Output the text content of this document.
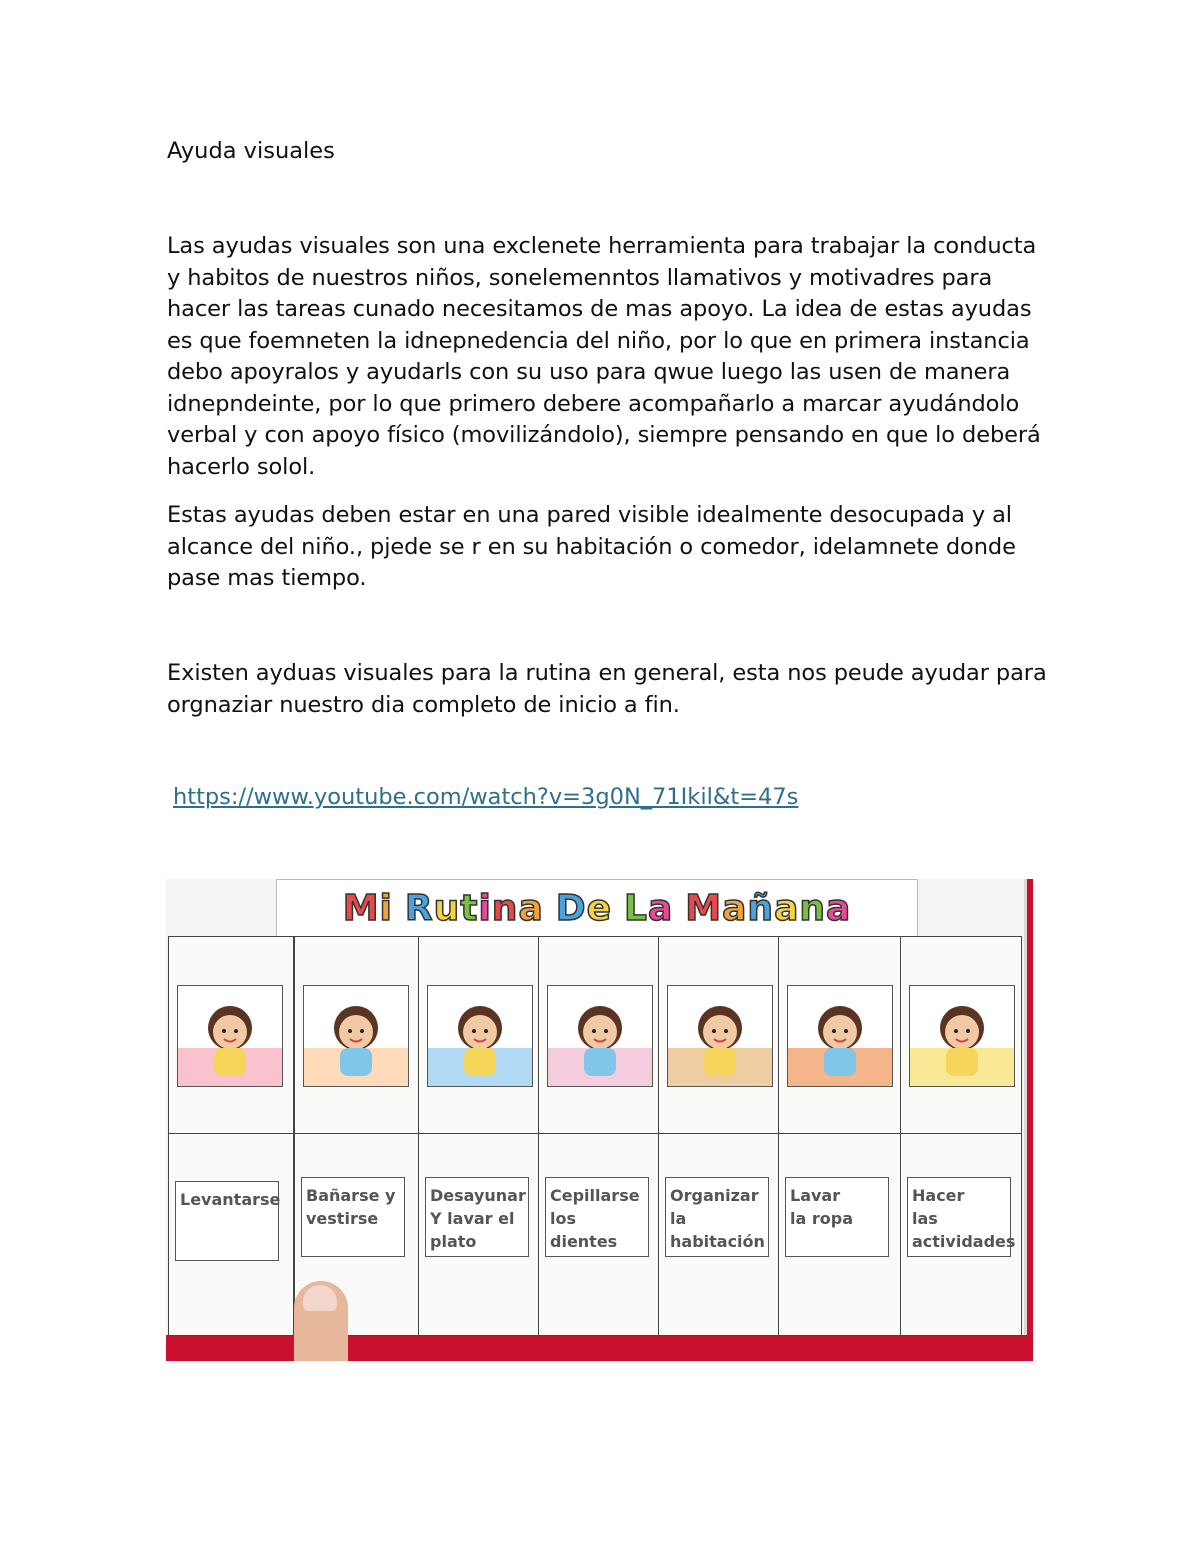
Ayuda visuales
Las ayudas visuales son una exclenete herramienta para trabajar la conducta y habitos de nuestros niños, sonelemenntos llamativos y motivadres para hacer las tareas cunado necesitamos de mas apoyo. La idea de estas ayudas es que foemneten la idnepnedencia del niño, por lo que en primera instancia debo apoyralos y ayudarls con su uso para qwue luego las usen de manera idnepndeinte, por lo que primero debere acompañarlo a marcar ayudándolo verbal y con apoyo físico (movilizándolo), siempre pensando en que lo deberá hacerlo solol.
Estas ayudas deben estar en una pared visible idealmente desocupada y al alcance del niño., pjede se r en su habitación o comedor, idelamnete donde pase mas tiempo.
Existen ayduas visuales para la rutina en general, esta nos peude ayudar para orgnaziar nuestro dia completo de inicio a fin.
https://www.youtube.com/watch?v=3g0N_71Ikil&t=47s
M i R u t i n a D e L a M a ñ a n a
Levantarse Bañarse y
vestirse
Desayunar
Y lavar el
plato
Cepillarse
los dientes
Organizar
la
habitación
Lavar
la ropa
Hacer
las
actividades
